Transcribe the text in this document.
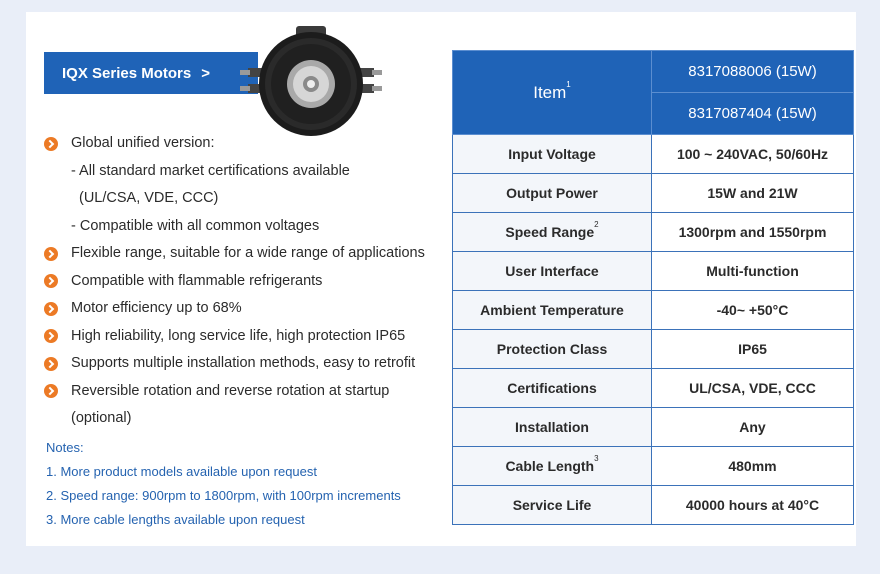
IQX Series Motors >
Global unified version:
- All standard market certifications available
(UL/CSA, VDE, CCC)
- Compatible with all common voltages
Flexible range, suitable for a wide range of applications
Compatible with flammable refrigerants
Motor efficiency up to 68%
High reliability, long service life, high protection IP65
Supports multiple installation methods, easy to retrofit
Reversible rotation and reverse rotation at startup
(optional)
Notes:
1. More product models available upon request
2. Speed range: 900rpm to 1800rpm, with 100rpm increments
3. More cable lengths available upon request
Item$^1$	8317088006 (15W)
	8317087404 (15W)
Input Voltage	100 ~ 240VAC, 50/60Hz
Output Power	15W and 21W
Speed Range$^2$	1300rpm and 1550rpm
User Interface	Multi-function
Ambient Temperature	-40~ +50°C
Protection Class	IP65
Certifications	UL/CSA, VDE, CCC
Installation	Any
Cable Length$^3$	480mm
Service Life	40000 hours at 40°C
